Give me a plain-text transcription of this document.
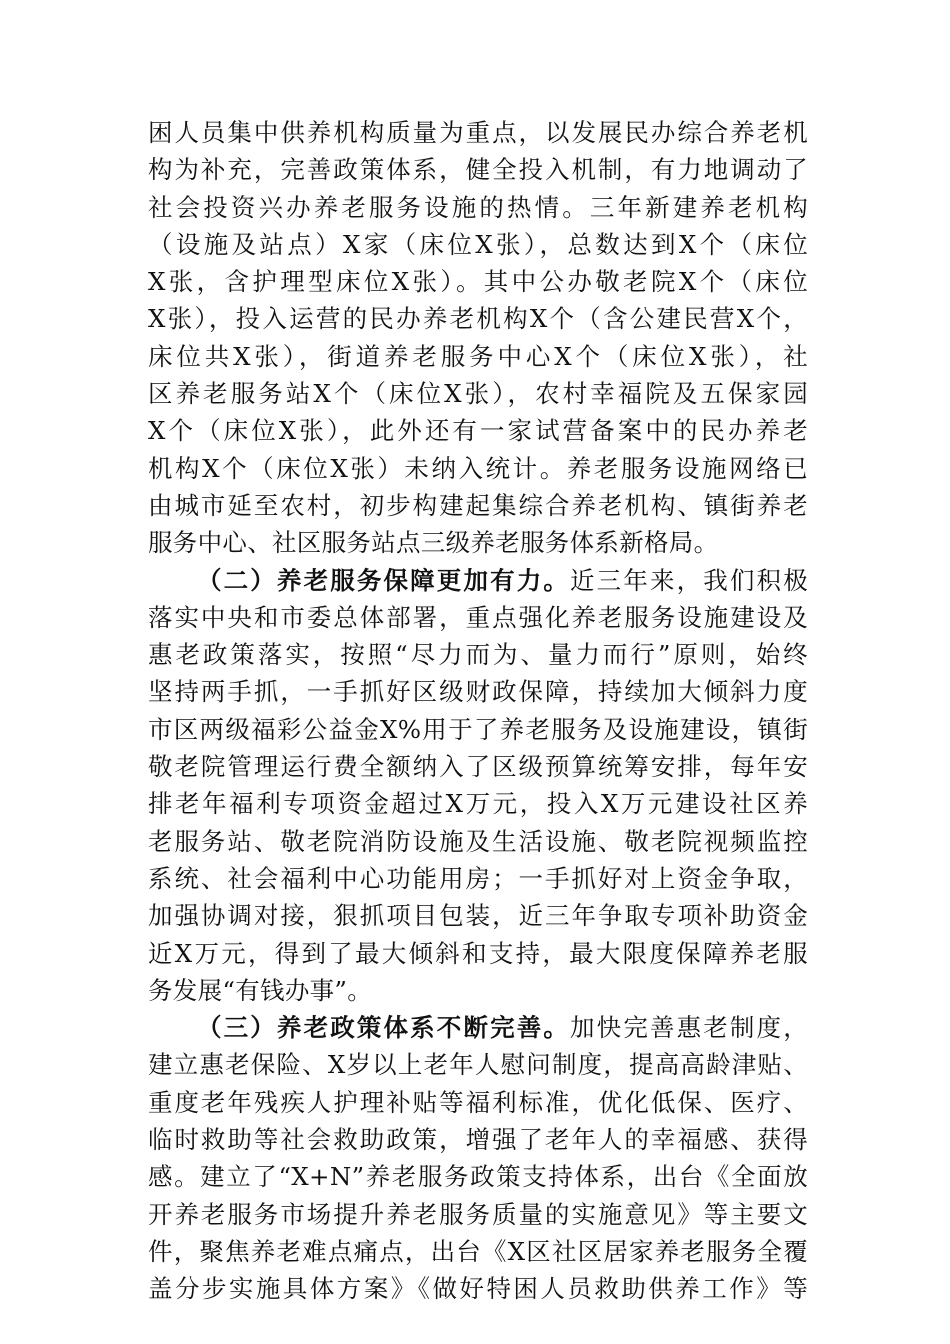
困人员集中供养机构质量为重点，以发展民办综合养老机
构为补充，完善政策体系，健全投入机制，有力地调动了
社会投资兴办养老服务设施的热情。三年新建养老机构
（设施及站点）X家（床位X张），总数达到X个（床位
X张，含护理型床位X张）。其中公办敬老院X个（床位
X张），投入运营的民办养老机构X个（含公建民营X个，
床位共X张），街道养老服务中心X个（床位X张），社
区养老服务站X个（床位X张），农村幸福院及五保家园
X个（床位X张），此外还有一家试营备案中的民办养老
机构X个（床位X张）未纳入统计。养老服务设施网络已
由城市延至农村，初步构建起集综合养老机构、镇街养老
服务中心、社区服务站点三级养老服务体系新格局。
（二）养老服务保障更加有力。近三年来，我们积极
落实中央和市委总体部署，重点强化养老服务设施建设及
惠老政策落实，按照“尽力而为、量力而行”原则，始终
坚持两手抓，一手抓好区级财政保障，持续加大倾斜力度
市区两级福彩公益金X%用于了养老服务及设施建设，镇街
敬老院管理运行费全额纳入了区级预算统筹安排，每年安
排老年福利专项资金超过X万元，投入X万元建设社区养
老服务站、敬老院消防设施及生活设施、敬老院视频监控
系统、社会福利中心功能用房；一手抓好对上资金争取，
加强协调对接，狠抓项目包装，近三年争取专项补助资金
近X万元，得到了最大倾斜和支持，最大限度保障养老服
务发展“有钱办事”。
（三）养老政策体系不断完善。加快完善惠老制度，
建立惠老保险、X岁以上老年人慰问制度，提高高龄津贴、
重度老年残疾人护理补贴等福利标准，优化低保、医疗、
临时救助等社会救助政策，增强了老年人的幸福感、获得
感。建立了“X+N”养老服务政策支持体系，出台《全面放
开养老服务市场提升养老服务质量的实施意见》等主要文
件，聚焦养老难点痛点，出台《X区社区居家养老服务全覆
盖分步实施具体方案》《做好特困人员救助供养工作》等
